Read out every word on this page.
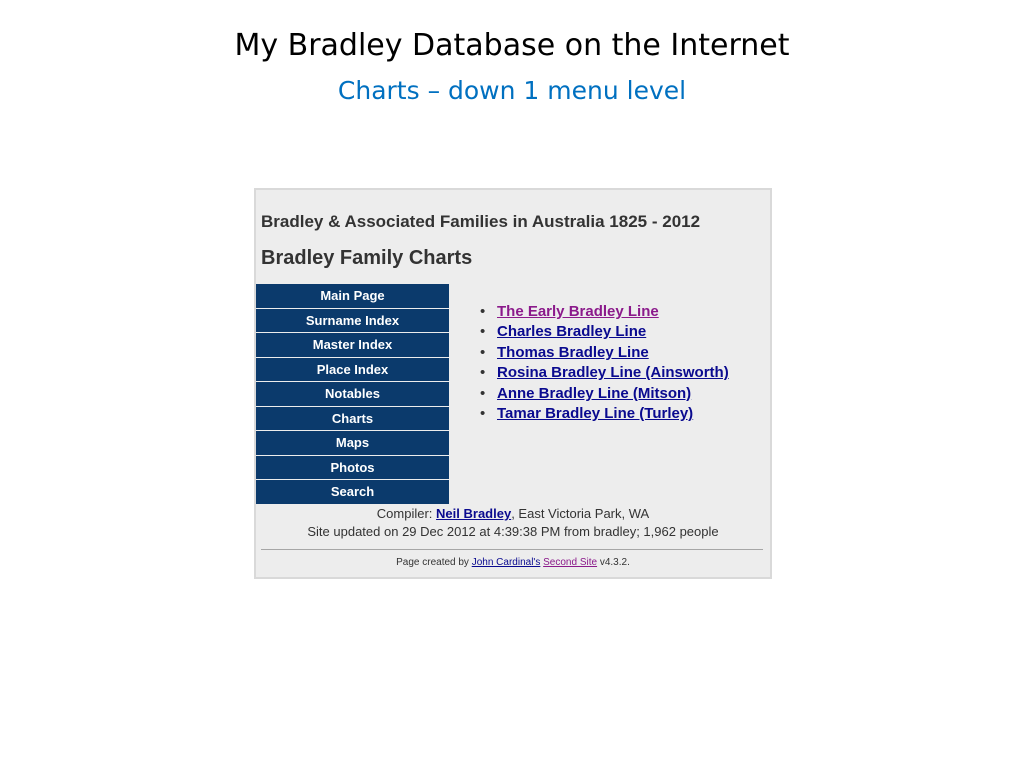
My Bradley Database on the Internet
Charts – down 1 menu level
Bradley & Associated Families in Australia 1825 - 2012
Bradley Family Charts
Main Page
Surname Index
Master Index
Place Index
Notables
Charts
Maps
Photos
Search
• The Early Bradley Line
• Charles Bradley Line
• Thomas Bradley Line
• Rosina Bradley Line (Ainsworth)
• Anne Bradley Line (Mitson)
• Tamar Bradley Line (Turley)
Compiler: Neil Bradley, East Victoria Park, WA
Site updated on 29 Dec 2012 at 4:39:38 PM from bradley; 1,962 people
Page created by John Cardinal's Second Site v4.3.2.
